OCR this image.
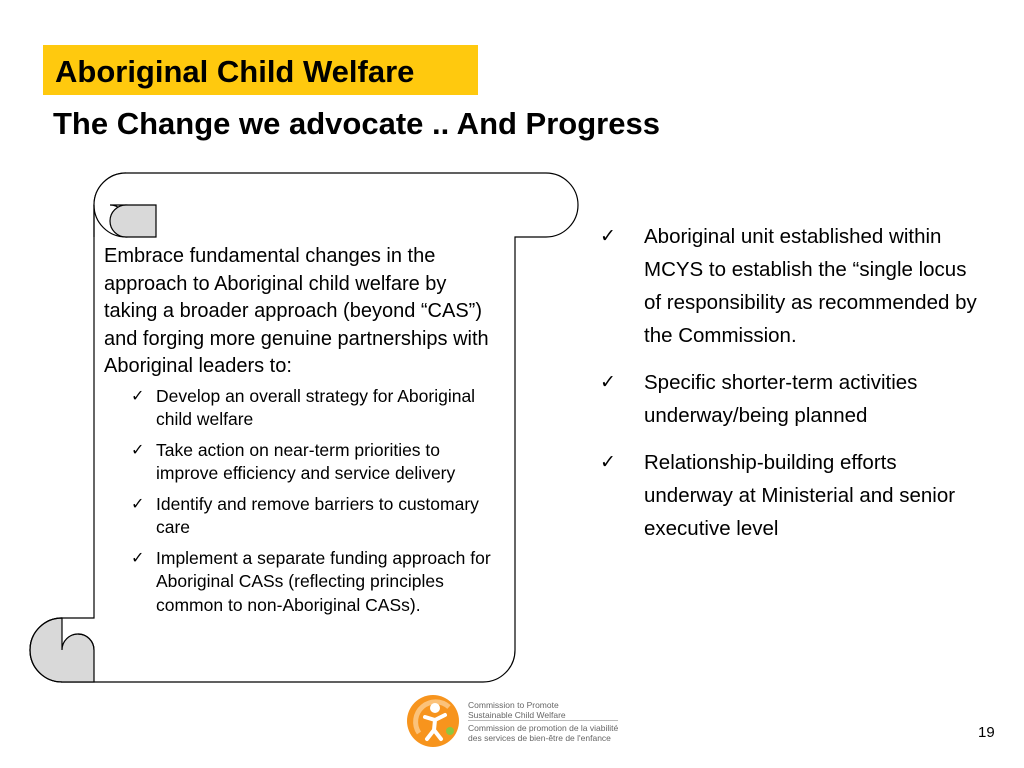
Aboriginal Child Welfare
The Change we advocate .. And Progress
Embrace fundamental changes in the approach to Aboriginal child welfare by taking a broader approach (beyond “CAS”) and forging more genuine partnerships with Aboriginal leaders to:
✓ Develop an overall strategy for Aboriginal child welfare
✓ Take action on near-term priorities to improve efficiency and service delivery
✓ Identify and remove barriers to customary care
✓ Implement a separate funding approach for Aboriginal CASs (reflecting principles common to non-Aboriginal CASs).
✓ Aboriginal unit established within MCYS to establish the “single locus of responsibility as recommended by the Commission.
✓ Specific shorter-term activities underway/being planned
✓ Relationship-building efforts underway at Ministerial and senior executive level
Commission to Promote Sustainable Child Welfare
Commission de promotion de la viabilité des services de bien-être de l'enfance	19
